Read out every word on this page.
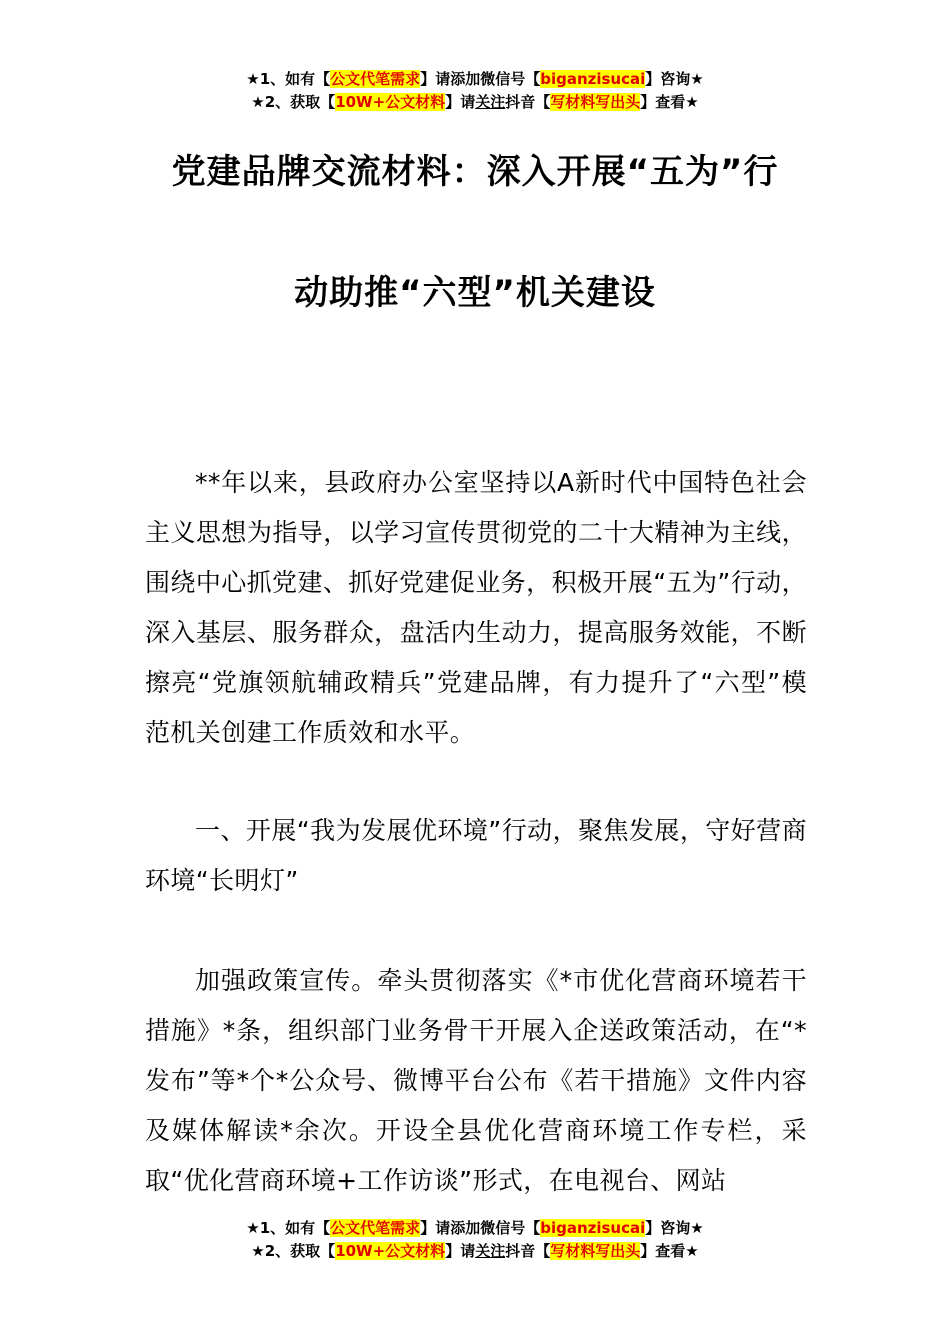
★1、如有【公文代笔需求】请添加微信号【biganzisucai】咨询★
★2、获取【10W+公文材料】请关注抖音【写材料写出头】查看★
党建品牌交流材料：深入开展“五为”行
动助推“六型”机关建设

**年以来，县政府办公室坚持以A新时代中国特色社会主义思想为指导，以学习宣传贯彻党的二十大精神为主线，围绕中心抓党建、抓好党建促业务，积极开展“五为”行动，深入基层、服务群众，盘活内生动力，提高服务效能，不断擦亮“党旗领航辅政精兵”党建品牌，有力提升了“六型”模范机关创建工作质效和水平。

一、开展“我为发展优环境”行动，聚焦发展，守好营商环境“长明灯”

加强政策宣传。牵头贯彻落实《*市优化营商环境若干措施》*条，组织部门业务骨干开展入企送政策活动，在“*发布”等*个*公众号、微博平台公布《若干措施》文件内容及媒体解读*余次。开设全县优化营商环境工作专栏，采取“优化营商环境+工作访谈”形式，在电视台、网站

★1、如有【公文代笔需求】请添加微信号【biganzisucai】咨询★
★2、获取【10W+公文材料】请关注抖音【写材料写出头】查看★
